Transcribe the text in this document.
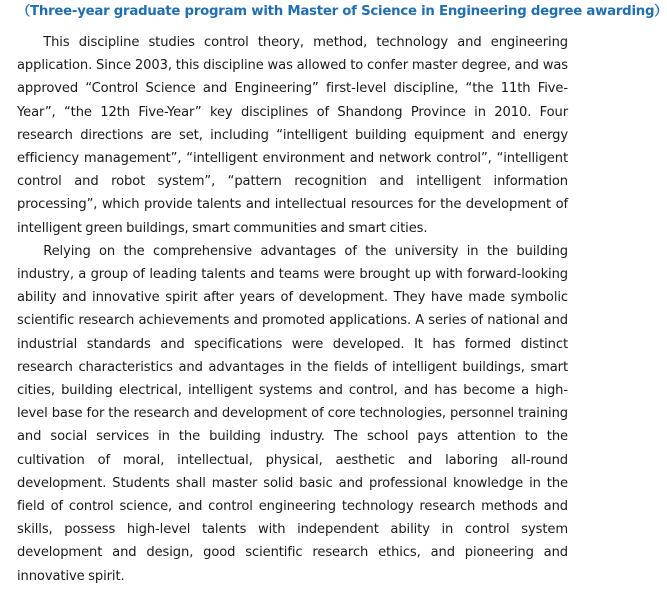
（Three-year graduate program with Master of Science in Engineering degree awarding）

This discipline studies control theory, method, technology and engineering application. Since 2003, this discipline was allowed to confer master degree, and was approved “Control Science and Engineering” first-level discipline, “the 11th Five-Year”, “the 12th Five-Year” key disciplines of Shandong Province in 2010. Four research directions are set, including “intelligent building equipment and energy efficiency management”, “intelligent environment and network control”, “intelligent control and robot system”, “pattern recognition and intelligent information processing”, which provide talents and intellectual resources for the development of intelligent green buildings, smart communities and smart cities.

Relying on the comprehensive advantages of the university in the building industry, a group of leading talents and teams were brought up with forward-looking ability and innovative spirit after years of development. They have made symbolic scientific research achievements and promoted applications. A series of national and industrial standards and specifications were developed. It has formed distinct research characteristics and advantages in the fields of intelligent buildings, smart cities, building electrical, intelligent systems and control, and has become a high-level base for the research and development of core technologies, personnel training and social services in the building industry. The school pays attention to the cultivation of moral, intellectual, physical, aesthetic and laboring all-round development. Students shall master solid basic and professional knowledge in the field of control science, and control engineering technology research methods and skills, possess high-level talents with independent ability in control system development and design, good scientific research ethics, and pioneering and innovative spirit.
